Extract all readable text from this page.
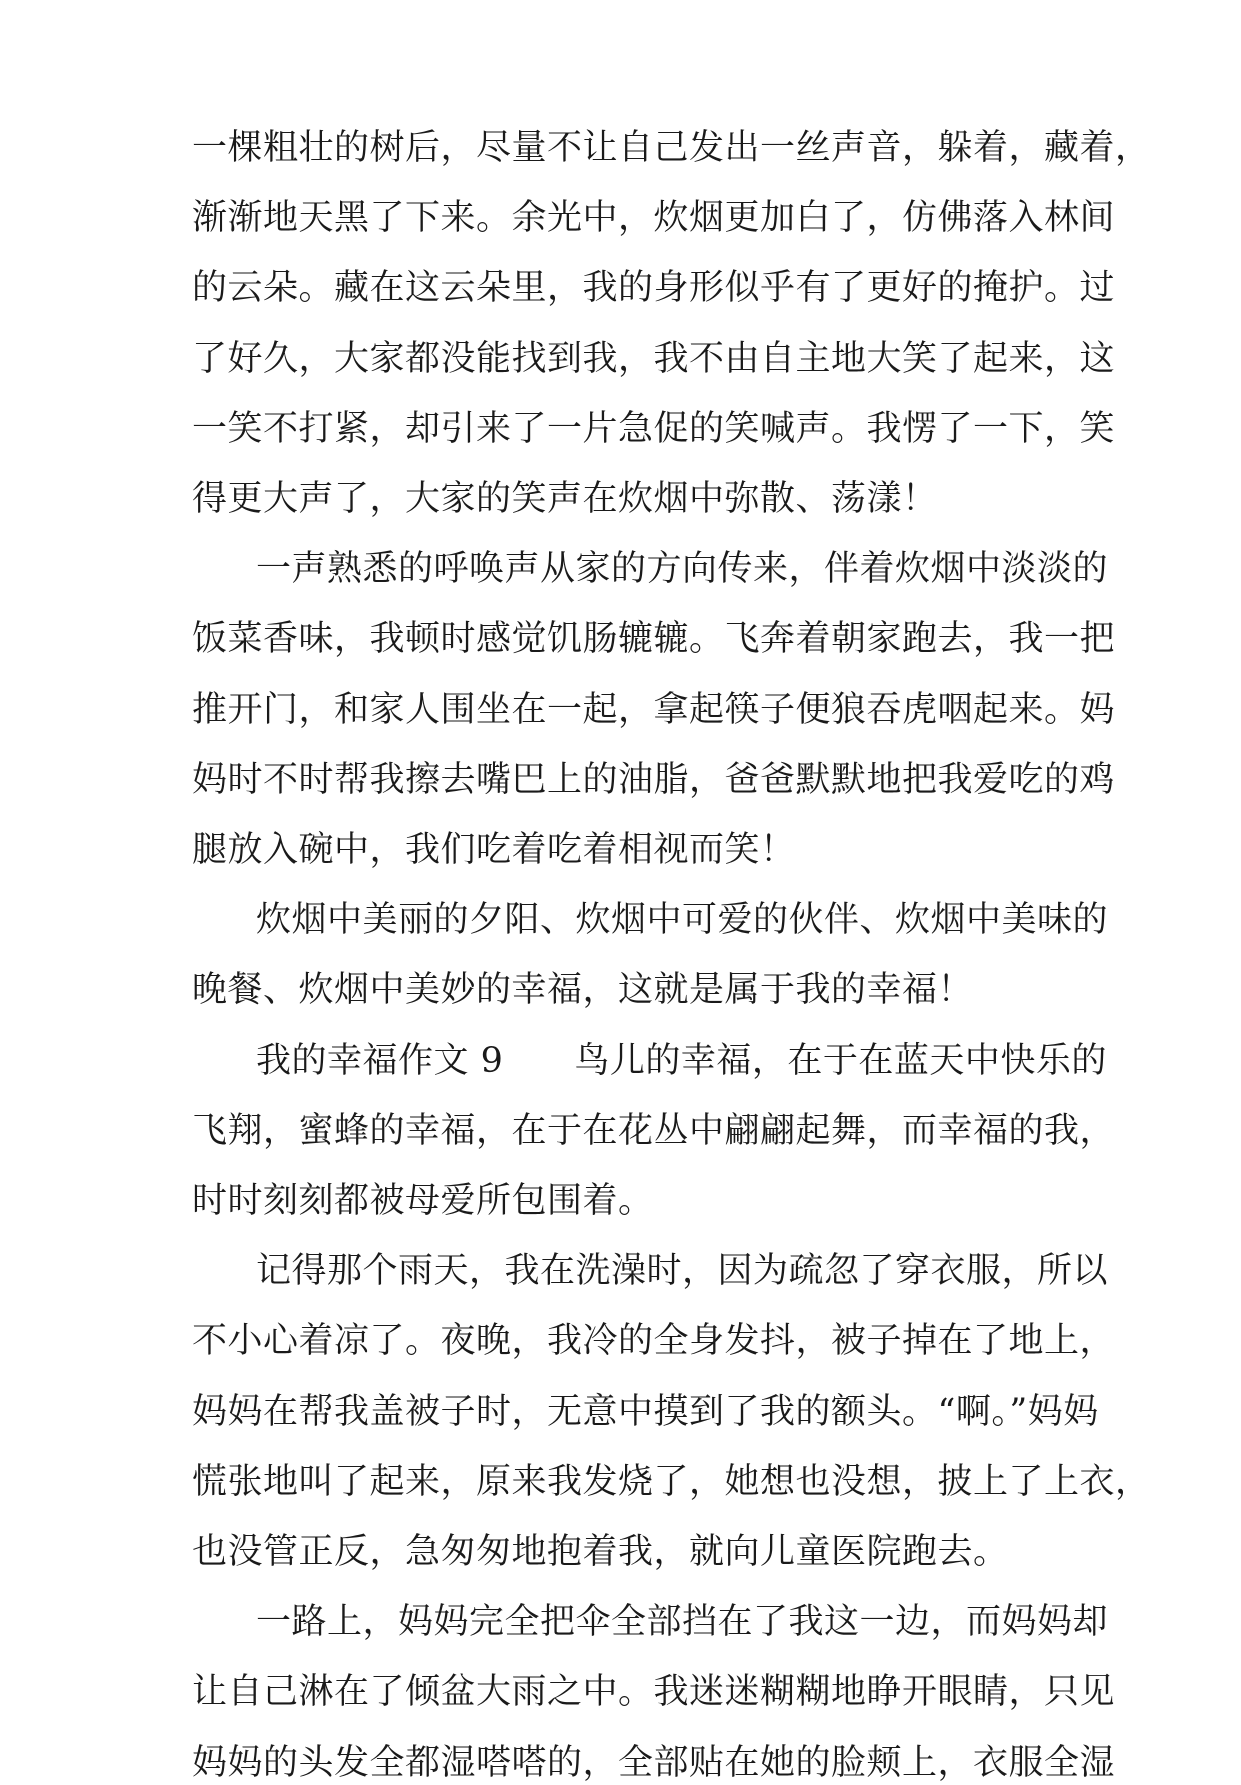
一棵粗壮的树后，尽量不让自己发出一丝声音，躲着，藏着，
渐渐地天黑了下来。余光中，炊烟更加白了，仿佛落入林间
的云朵。藏在这云朵里，我的身形似乎有了更好的掩护。过
了好久，大家都没能找到我，我不由自主地大笑了起来，这
一笑不打紧，却引来了一片急促的笑喊声。我愣了一下，笑
得更大声了，大家的笑声在炊烟中弥散、荡漾！
一声熟悉的呼唤声从家的方向传来，伴着炊烟中淡淡的
饭菜香味，我顿时感觉饥肠辘辘。飞奔着朝家跑去，我一把
推开门，和家人围坐在一起，拿起筷子便狼吞虎咽起来。妈
妈时不时帮我擦去嘴巴上的油脂，爸爸默默地把我爱吃的鸡
腿放入碗中，我们吃着吃着相视而笑！
炊烟中美丽的夕阳、炊烟中可爱的伙伴、炊烟中美味的
晚餐、炊烟中美妙的幸福，这就是属于我的幸福！
我的幸福作文 9　　鸟儿的幸福，在于在蓝天中快乐的
飞翔，蜜蜂的幸福，在于在花丛中翩翩起舞，而幸福的我，
时时刻刻都被母爱所包围着。
记得那个雨天，我在洗澡时，因为疏忽了穿衣服，所以
不小心着凉了。夜晚，我冷的全身发抖，被子掉在了地上，
妈妈在帮我盖被子时，无意中摸到了我的额头。“啊。”妈妈
慌张地叫了起来，原来我发烧了，她想也没想，披上了上衣，
也没管正反，急匆匆地抱着我，就向儿童医院跑去。
一路上，妈妈完全把伞全部挡在了我这一边，而妈妈却
让自己淋在了倾盆大雨之中。我迷迷糊糊地睁开眼睛，只见
妈妈的头发全都湿嗒嗒的，全部贴在她的脸颊上，衣服全湿
